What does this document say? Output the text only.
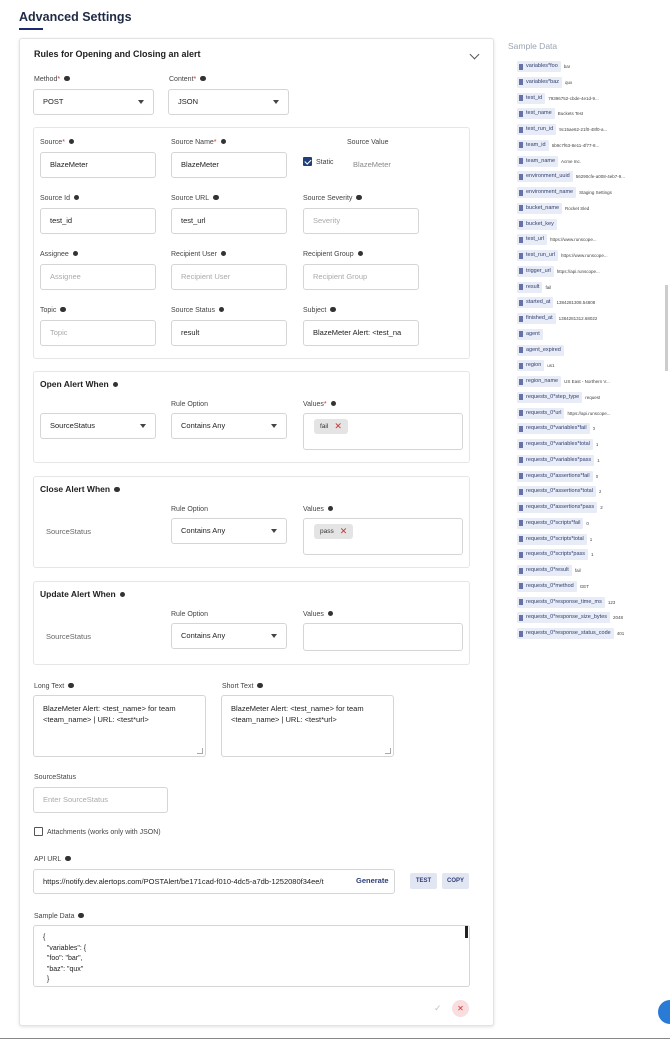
Advanced Settings
Rules for Opening and Closing an alert
Method*
POST
Content*
JSON
Source*
BlazeMeter
Source Name*
BlazeMeter	Static
Source Value
BlazeMeter
Source Id
test_id
Source URL
test_url
Source Severity
Severity
Assignee
Assignee
Recipient User
Recipient User
Recipient Group
Recipient Group
Topic
Topic
Source Status
result
Subject
BlazeMeter Alert: <test_na
Open Alert When
Rule Option	Values*
SourceStatus	Contains Any	fail ✕
Close Alert When
Rule Option	Values
SourceStatus	Contains Any	pass ✕
Update Alert When
Rule Option	Values
SourceStatus	Contains Any
Long Text
BlazeMeter Alert: <test_name> for team
<team_name> | URL: <test*url>
Short Text
BlazeMeter Alert: <test_name> for team
<team_name> | URL: <test*url>
SourceStatus
Enter SourceStatus
Attachments (works only with JSON)
API URL
https://notify.dev.alertops.com/POSTAlert/be171cad-f010-4dc5-a7db-1252080f34ee/t	Generate	TEST	COPY
Sample Data
{
"variables": {
"foo": "bar",
"baz": "qux"
}
✓	✕
Sample Data
variables*foo bar
variables*baz qux
test_id 79396752-cbde-4e1d-9...
test_name Buckets Test
test_run_id 9c15ae62-21f0-48f0-a...
team_id 6b9c7f63-8e11-4f77-8...
team_name Acme Inc.
environment_uuid 56290cfe-a008-4eb7-9...
environment_name Staging Settings
bucket_name Rocket Sled
bucket_key
test_url https://www.runscope...
test_run_url https://www.runscope...
trigger_url https://api.runscope...
result fail
started_at 1384281308.54808
finished_at 1384281312.68022
agent
agent_expired
region us1
region_name US East - Northern V...
requests_0*step_type request
requests_0*url https://api.runscope...
requests_0*variables*fail 0
requests_0*variables*total 1
requests_0*variables*pass 1
requests_0*assertions*fail 0
requests_0*assertions*total 2
requests_0*assertions*pass 2
requests_0*scripts*fail 0
requests_0*scripts*total 1
requests_0*scripts*pass 1
requests_0*result fail
requests_0*method GET
requests_0*response_time_ms 123
requests_0*response_size_bytes 2048
requests_0*response_status_code 401
